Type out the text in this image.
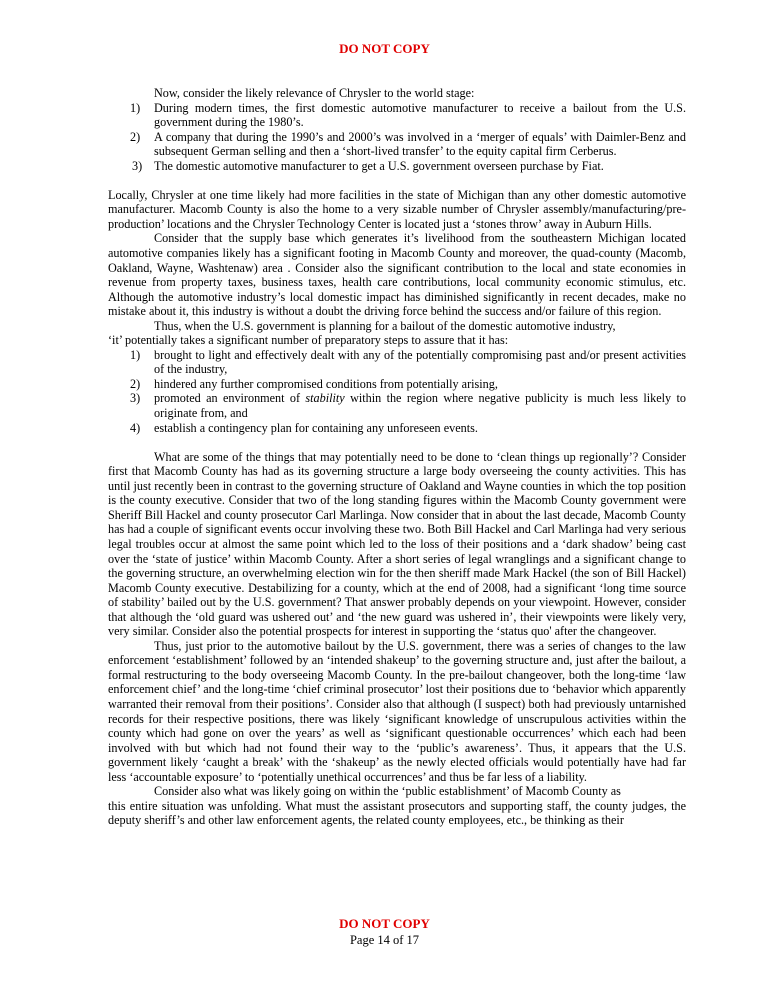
DO NOT COPY

Now, consider the likely relevance of Chrysler to the world stage:

1) During modern times, the first domestic automotive manufacturer to receive a bailout from the U.S. government during the 1980’s.
2) A company that during the 1990’s and 2000’s was involved in a ‘merger of equals’ with Daimler-Benz and subsequent German selling and then a ‘short-lived transfer’ to the equity capital firm Cerberus.
3) The domestic automotive manufacturer to get a U.S. government overseen purchase by Fiat.

Locally, Chrysler at one time likely had more facilities in the state of Michigan than any other domestic automotive manufacturer. Macomb County is also the home to a very sizable number of Chrysler assembly/manufacturing/pre-production’ locations and the Chrysler Technology Center is located just a ‘stones throw’ away in Auburn Hills.

Consider that the supply base which generates it’s livelihood from the southeastern Michigan located automotive companies likely has a significant footing in Macomb County and moreover, the quad-county (Macomb, Oakland, Wayne, Washtenaw) area . Consider also the significant contribution to the local and state economies in revenue from property taxes, business taxes, health care contributions, local community economic stimulus, etc. Although the automotive industry’s local domestic impact has diminished significantly in recent decades, make no mistake about it, this industry is without a doubt the driving force behind the success and/or failure of this region.

Thus, when the U.S. government is planning for a bailout of the domestic automotive industry,

‘it’ potentially takes a significant number of preparatory steps to assure that it has:

1) brought to light and effectively dealt with any of the potentially compromising past and/or present activities of the industry,
2) hindered any further compromised conditions from potentially arising,
3) promoted an environment of stability within the region where negative publicity is much less likely to originate from, and
4) establish a contingency plan for containing any unforeseen events.

What are some of the things that may potentially need to be done to ‘clean things up regionally’? Consider first that Macomb County has had as its governing structure a large body overseeing the county activities. This has until just recently been in contrast to the governing structure of Oakland and Wayne counties in which the top position is the county executive. Consider that two of the long standing figures within the Macomb County government were Sheriff Bill Hackel and county prosecutor Carl Marlinga. Now consider that in about the last decade, Macomb County has had a couple of significant events occur involving these two. Both Bill Hackel and Carl Marlinga had very serious legal troubles occur at almost the same point which led to the loss of their positions and a ‘dark shadow’ being cast over the ‘state of justice’ within Macomb County. After a short series of legal wranglings and a significant change to the governing structure, an overwhelming election win for the then sheriff made Mark Hackel (the son of Bill Hackel) Macomb County executive. Destabilizing for a county, which at the end of 2008, had a significant ‘long time source of stability’ bailed out by the U.S. government? That answer probably depends on your viewpoint. However, consider that although the ‘old guard was ushered out’ and ‘the new guard was ushered in’, their viewpoints were likely very, very similar. Consider also the potential prospects for interest in supporting the ‘status quo' after the changeover.

Thus, just prior to the automotive bailout by the U.S. government, there was a series of changes to the law enforcement ‘establishment’ followed by an ‘intended shakeup’ to the governing structure and, just after the bailout, a formal restructuring to the body overseeing Macomb County. In the pre-bailout changeover, both the long-time ‘law enforcement chief’ and the long-time ‘chief criminal prosecutor’ lost their positions due to ‘behavior which apparently warranted their removal from their positions’. Consider also that although (I suspect) both had previously untarnished records for their respective positions, there was likely ‘significant knowledge of unscrupulous activities within the county which had gone on over the years’ as well as ‘significant questionable occurrences’ which each had been involved with but which had not found their way to the ‘public’s awareness’. Thus, it appears that the U.S. government likely ‘caught a break’ with the ‘shakeup’ as the newly elected officials would potentially have had far less ‘accountable exposure’ to ‘potentially unethical occurrences’ and thus be far less of a liability.

Consider also what was likely going on within the ‘public establishment’ of Macomb County as

this entire situation was unfolding. What must the assistant prosecutors and supporting staff, the county judges, the deputy sheriff’s and other law enforcement agents, the related county employees, etc., be thinking as their

DO NOT COPY
Page 14 of 17
